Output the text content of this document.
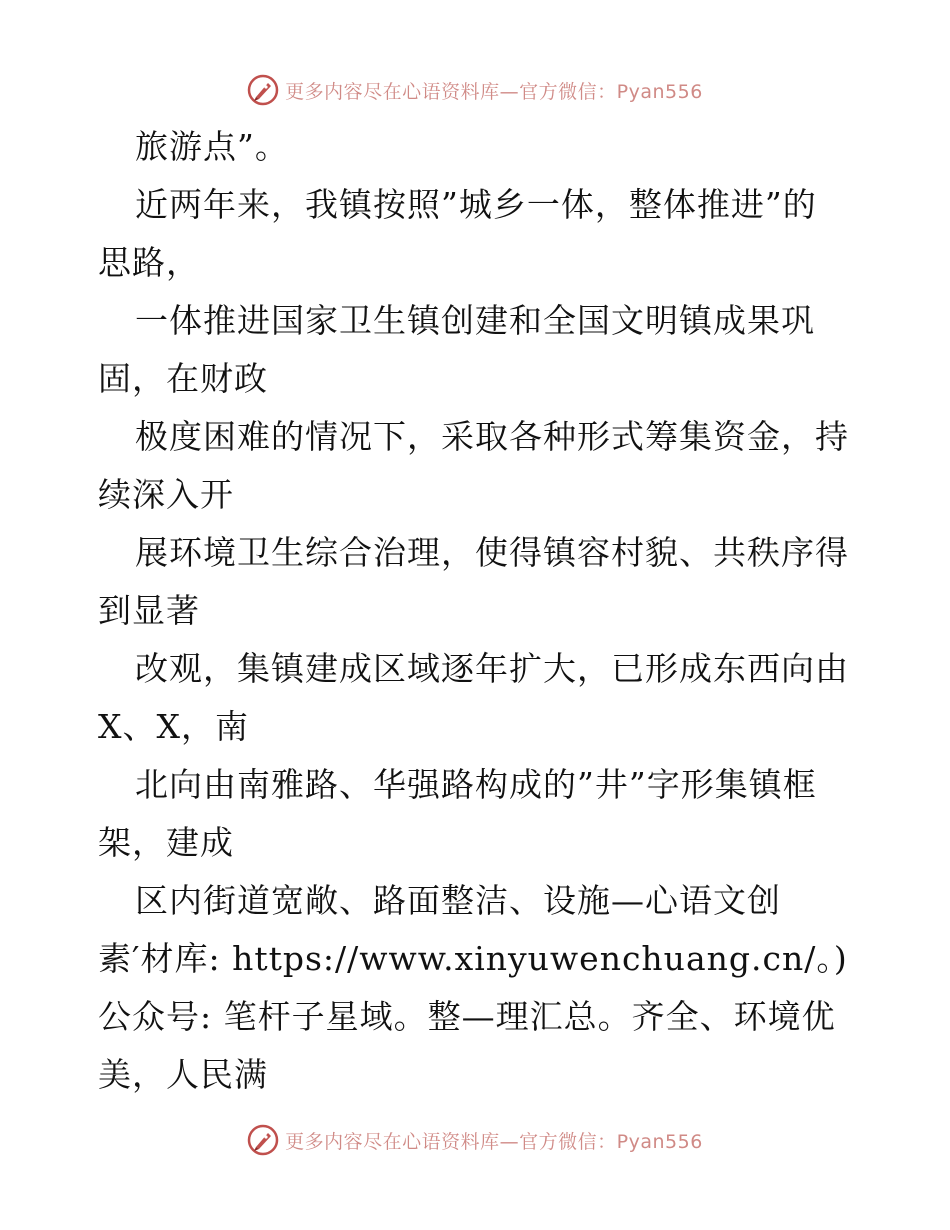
更多内容尽在心语资料库—官方微信：Pyan556
旅游点”。
近两年来，我镇按照”城乡一体，整体推进”的
思路，
一体推进国家卫生镇创建和全国文明镇成果巩
固，在财政
极度困难的情况下，采取各种形式筹集资金，持
续深入开
展环境卫生综合治理，使得镇容村貌、共秩序得
到显著
改观，集镇建成区域逐年扩大，已形成东西向由
X、X，南
北向由南雅路、华强路构成的”井”字形集镇框
架，建成
区内街道宽敞、路面整洁、设施—心语文创
素′材库: https://www.xinyuwenchuang.cn/。)
公众号: 笔杆子星域。整—理汇总。齐全、环境优
美，人民满
更多内容尽在心语资料库—官方微信：Pyan556
